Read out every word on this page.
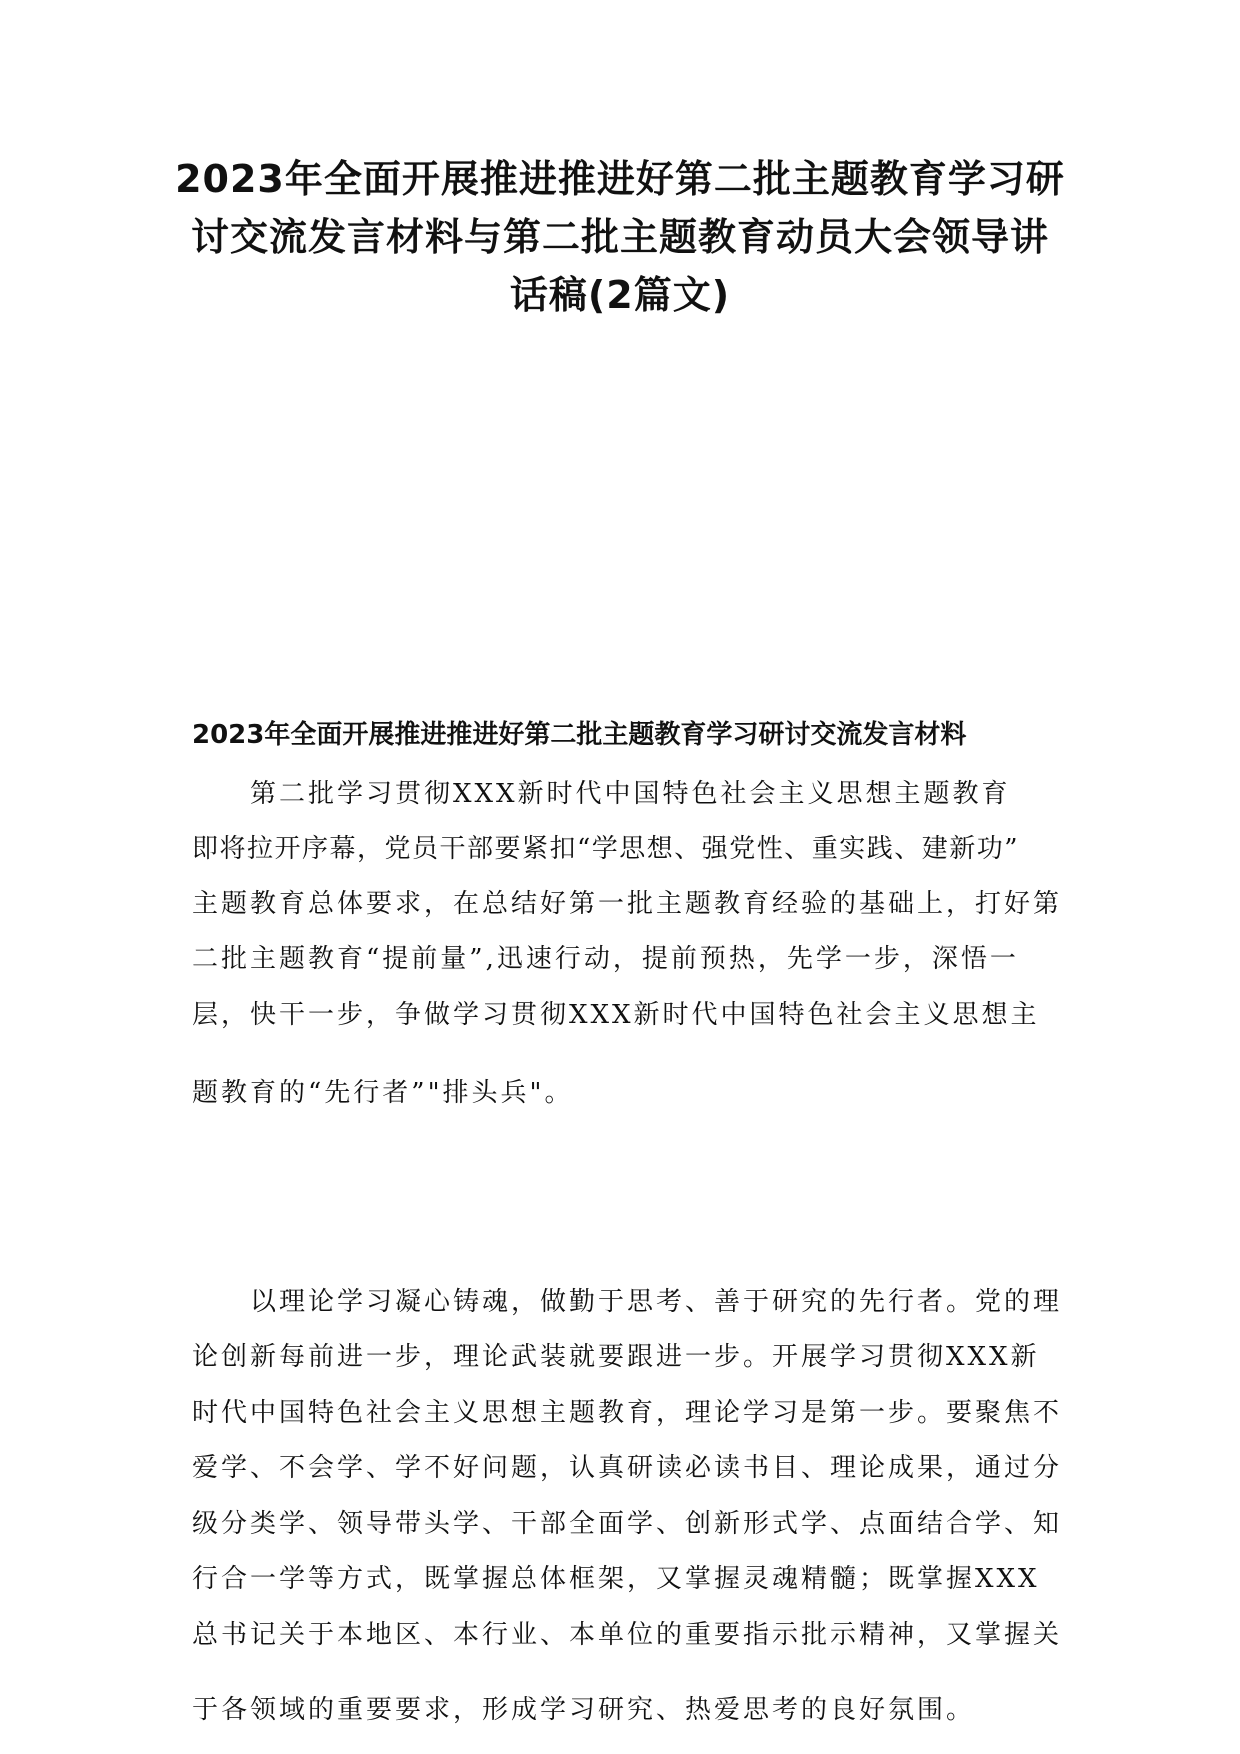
2023年全面开展推进推进好第二批主题教育学习研
讨交流发言材料与第二批主题教育动员大会领导讲
话稿(2篇文)
2023年全面开展推进推进好第二批主题教育学习研讨交流发言材料
第二批学习贯彻XXX新时代中国特色社会主义思想主题教育
即将拉开序幕，党员干部要紧扣“学思想、强党性、重实践、建新功”
主题教育总体要求，在总结好第一批主题教育经验的基础上，打好第
二批主题教育“提前量”,迅速行动，提前预热，先学一步，深悟一
层，快干一步，争做学习贯彻XXX新时代中国特色社会主义思想主
题教育的“先行者”"排头兵"。
以理论学习凝心铸魂，做勤于思考、善于研究的先行者。党的理
论创新每前进一步，理论武装就要跟进一步。开展学习贯彻XXX新
时代中国特色社会主义思想主题教育，理论学习是第一步。要聚焦不
爱学、不会学、学不好问题，认真研读必读书目、理论成果，通过分
级分类学、领导带头学、干部全面学、创新形式学、点面结合学、知
行合一学等方式，既掌握总体框架，又掌握灵魂精髓；既掌握XXX
总书记关于本地区、本行业、本单位的重要指示批示精神，又掌握关
于各领域的重要要求，形成学习研究、热爱思考的良好氛围。
